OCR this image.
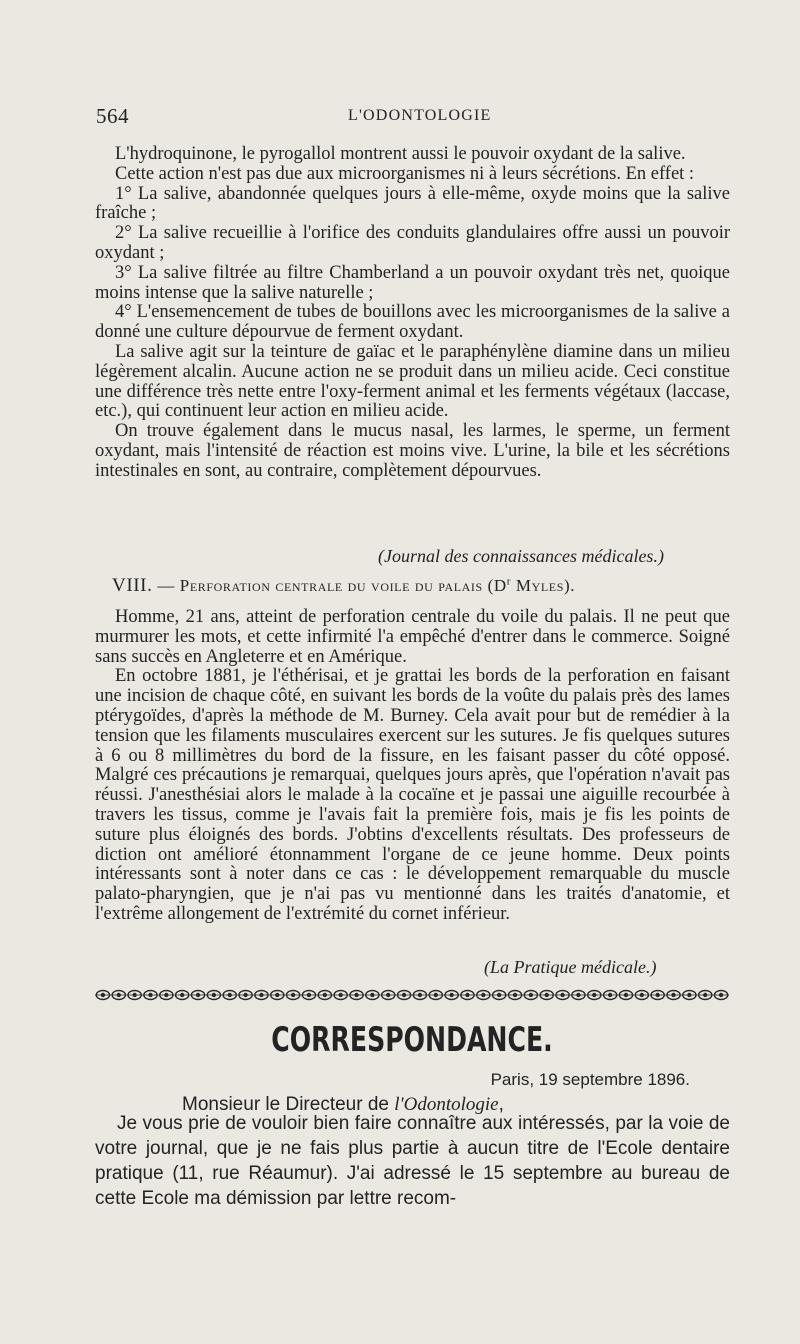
564	L'ODONTOLOGIE

L'hydroquinone, le pyrogallol montrent aussi le pouvoir oxydant de la salive.

Cette action n'est pas due aux microorganismes ni à leurs sécrétions. En effet :

1° La salive, abandonnée quelques jours à elle-même, oxyde moins que la salive fraîche ;

2° La salive recueillie à l'orifice des conduits glandulaires offre aussi un pouvoir oxydant ;

3° La salive filtrée au filtre Chamberland a un pouvoir oxydant très net, quoique moins intense que la salive naturelle ;

4° L'ensemencement de tubes de bouillons avec les microorganismes de la salive a donné une culture dépourvue de ferment oxydant.

La salive agit sur la teinture de gaïac et le paraphénylène diamine dans un milieu légèrement alcalin. Aucune action ne se produit dans un milieu acide. Ceci constitue une différence très nette entre l'oxy-ferment animal et les ferments végétaux (laccase, etc.), qui continuent leur action en milieu acide.

On trouve également dans le mucus nasal, les larmes, le sperme, un ferment oxydant, mais l'intensité de réaction est moins vive. L'urine, la bile et les sécrétions intestinales en sont, au contraire, complètement dépourvues.

(Journal des connaissances médicales.)
VIII. — Perforation centrale du voile du palais ($D^r$ Myles).

Homme, 21 ans, atteint de perforation centrale du voile du palais. Il ne peut que murmurer les mots, et cette infirmité l'a empêché d'entrer dans le commerce. Soigné sans succès en Angleterre et en Amérique.

En octobre 1881, je l'éthérisai, et je grattai les bords de la perforation en faisant une incision de chaque côté, en suivant les bords de la voûte du palais près des lames ptérygoïdes, d'après la méthode de M. Burney. Cela avait pour but de remédier à la tension que les filaments musculaires exercent sur les sutures. Je fis quelques sutures à 6 ou 8 millimètres du bord de la fissure, en les faisant passer du côté opposé. Malgré ces précautions je remarquai, quelques jours après, que l'opération n'avait pas réussi. J'anesthésiai alors le malade à la cocaïne et je passai une aiguille recourbée à travers les tissus, comme je l'avais fait la première fois, mais je fis les points de suture plus éloignés des bords. J'obtins d'excellents résultats. Des professeurs de diction ont amélioré étonnamment l'organe de ce jeune homme. Deux points intéressants sont à noter dans ce cas : le développement remarquable du muscle palato-pharyngien, que je n'ai pas vu mentionné dans les traités d'anatomie, et l'extrême allongement de l'extrémité du cornet inférieur.

(La Pratique médicale.)
CORRESPONDANCE.
Paris, 19 septembre 1896.
Monsieur le Directeur de l'Odontologie,
Je vous prie de vouloir bien faire connaître aux intéressés, par la voie de votre journal, que je ne fais plus partie à aucun titre de l'Ecole dentaire pratique (11, rue Réaumur). J'ai adressé le 15 septembre au bureau de cette Ecole ma démission par lettre recom-
